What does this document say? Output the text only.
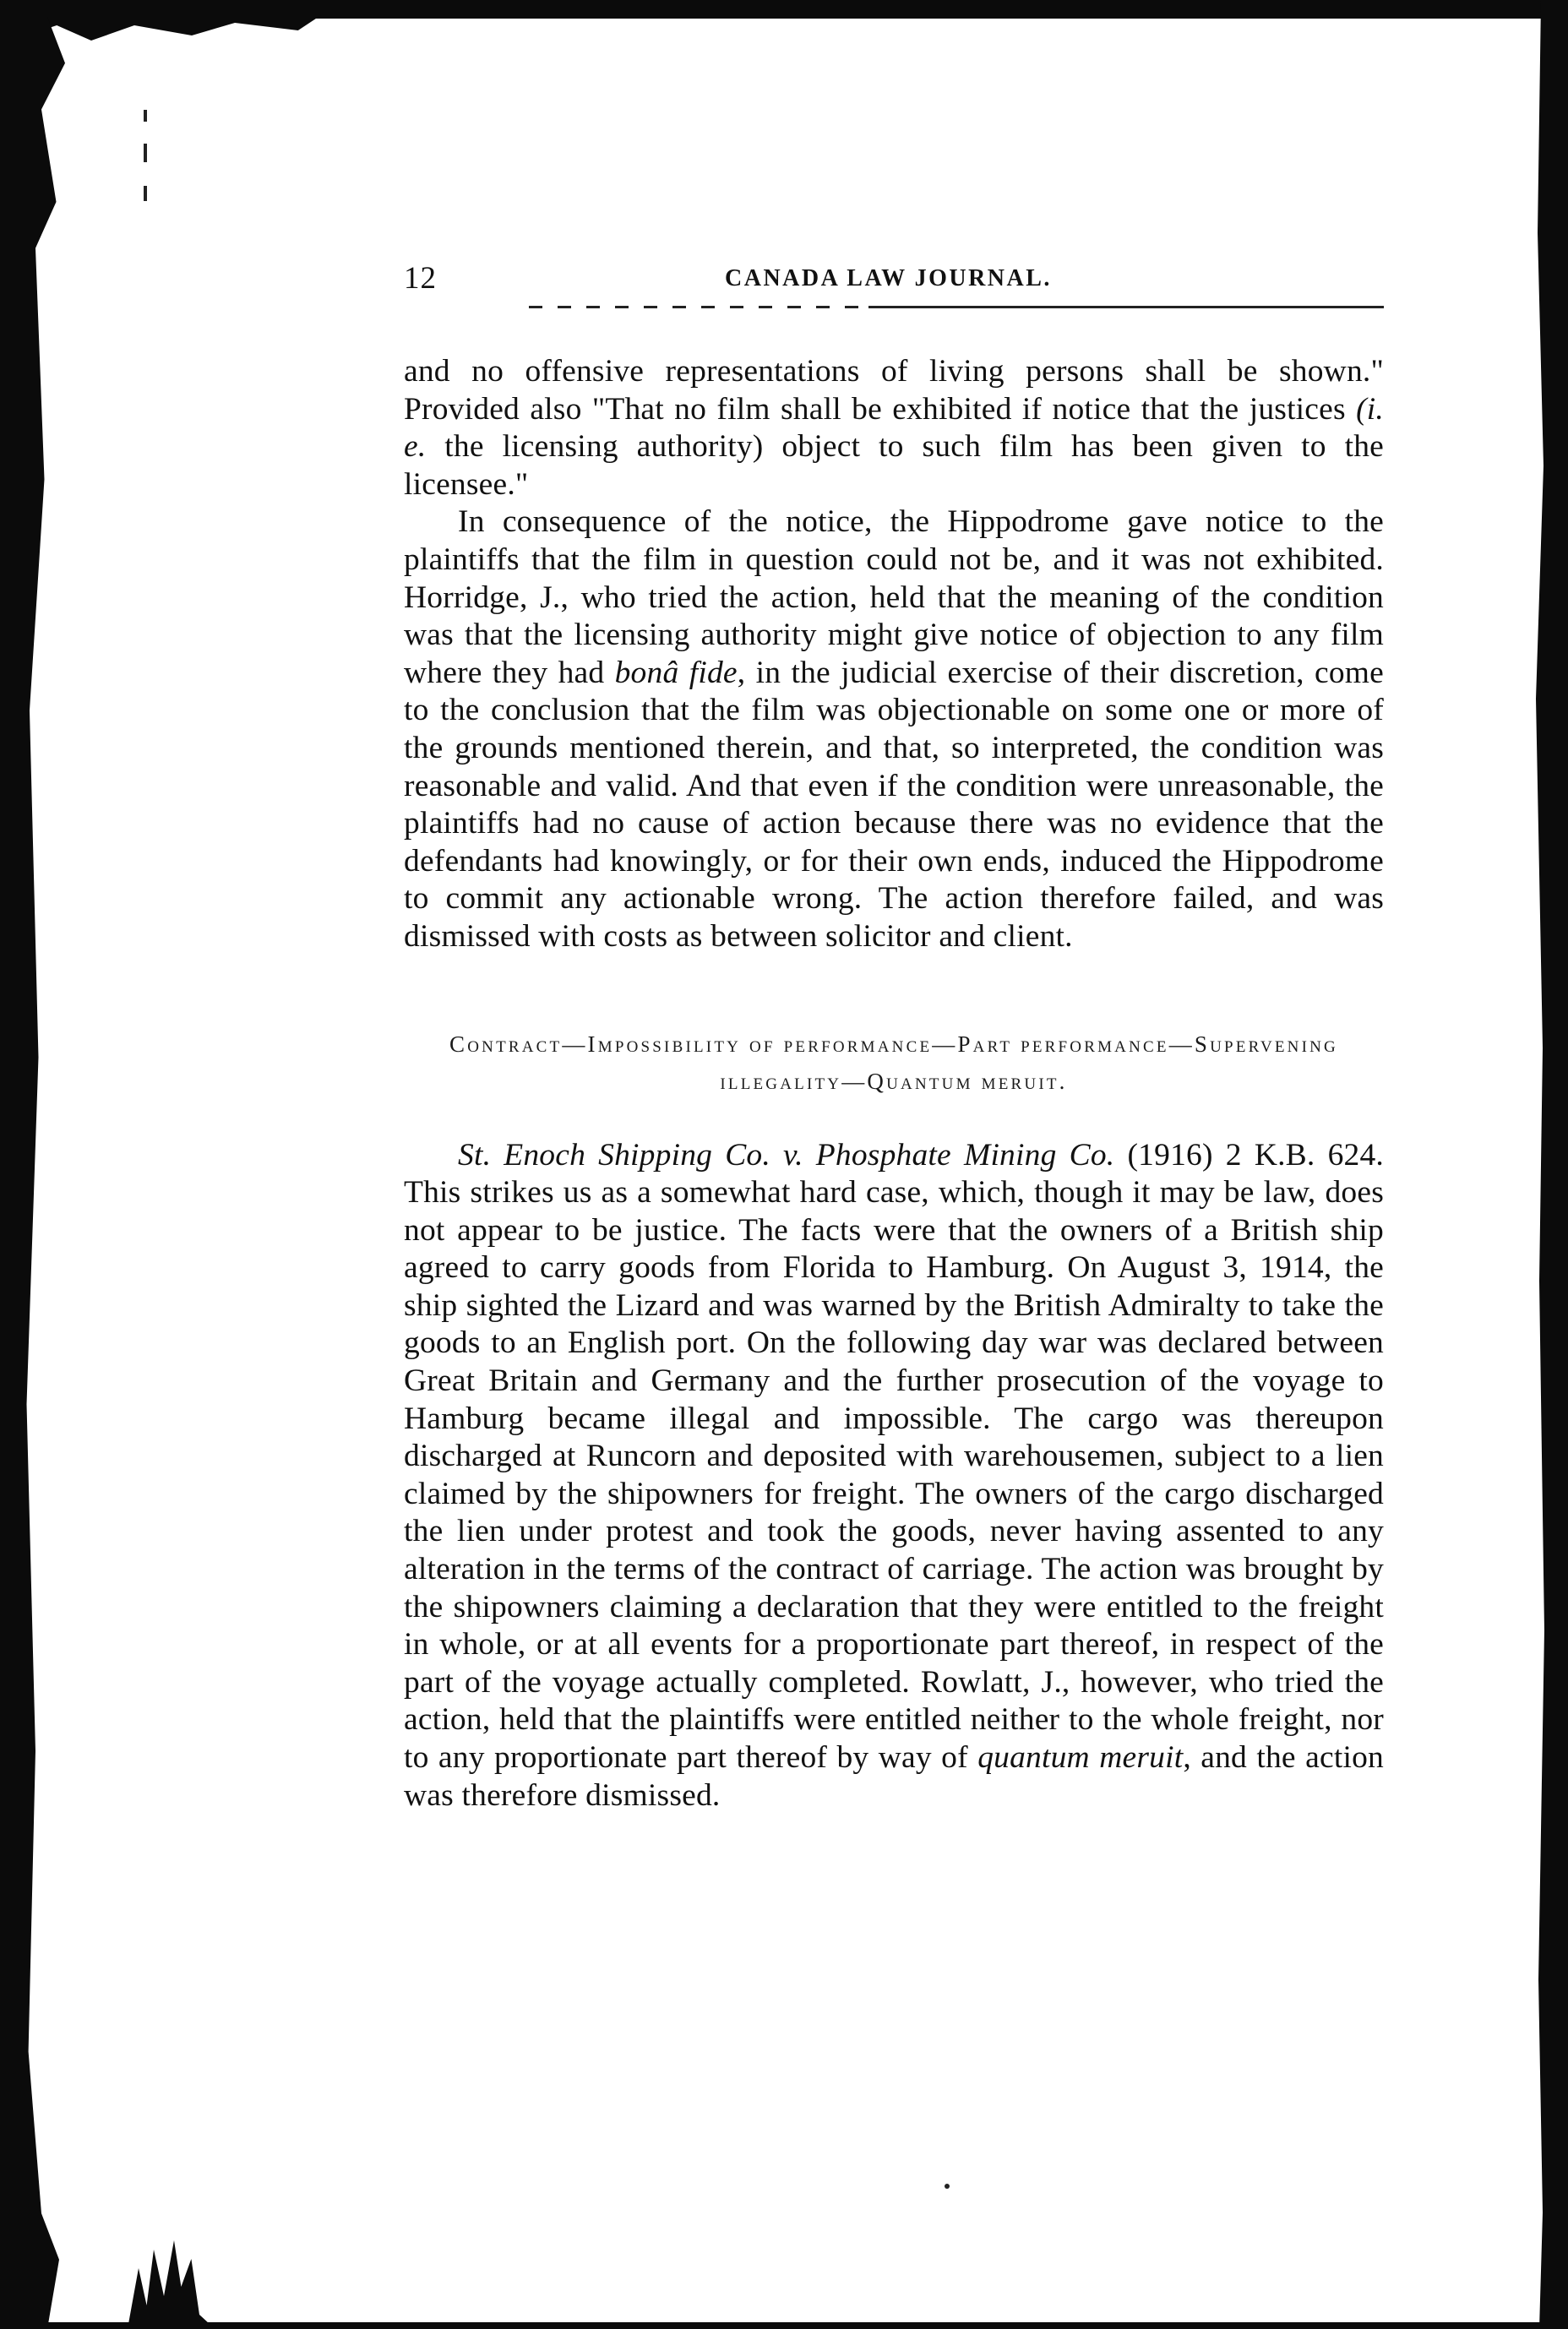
12	CANADA LAW JOURNAL.

and no offensive representations of living persons shall be shown." Provided also "That no film shall be exhibited if notice that the justices (i. e. the licensing authority) object to such film has been given to the licensee."

In consequence of the notice, the Hippodrome gave notice to the plaintiffs that the film in question could not be, and it was not exhibited. Horridge, J., who tried the action, held that the meaning of the condition was that the licensing authority might give notice of objection to any film where they had bonâ fide, in the judicial exercise of their discretion, come to the conclusion that the film was objectionable on some one or more of the grounds mentioned therein, and that, so interpreted, the condition was reasonable and valid. And that even if the condition were unreasonable, the plaintiffs had no cause of action because there was no evidence that the defendants had knowingly, or for their own ends, induced the Hippodrome to commit any actionable wrong. The action therefore failed, and was dismissed with costs as between solicitor and client.

Contract—Impossibility of performance—Part performance—Supervening illegality—Quantum meruit.

St. Enoch Shipping Co. v. Phosphate Mining Co. (1916) 2 K.B. 624. This strikes us as a somewhat hard case, which, though it may be law, does not appear to be justice. The facts were that the owners of a British ship agreed to carry goods from Florida to Hamburg. On August 3, 1914, the ship sighted the Lizard and was warned by the British Admiralty to take the goods to an English port. On the following day war was declared between Great Britain and Germany and the further prosecution of the voyage to Hamburg became illegal and impossible. The cargo was thereupon discharged at Runcorn and deposited with warehousemen, subject to a lien claimed by the shipowners for freight. The owners of the cargo discharged the lien under protest and took the goods, never having assented to any alteration in the terms of the contract of carriage. The action was brought by the shipowners claiming a declaration that they were entitled to the freight in whole, or at all events for a proportionate part thereof, in respect of the part of the voyage actually completed. Rowlatt, J., however, who tried the action, held that the plaintiffs were entitled neither to the whole freight, nor to any proportionate part thereof by way of quantum meruit, and the action was therefore dismissed.
